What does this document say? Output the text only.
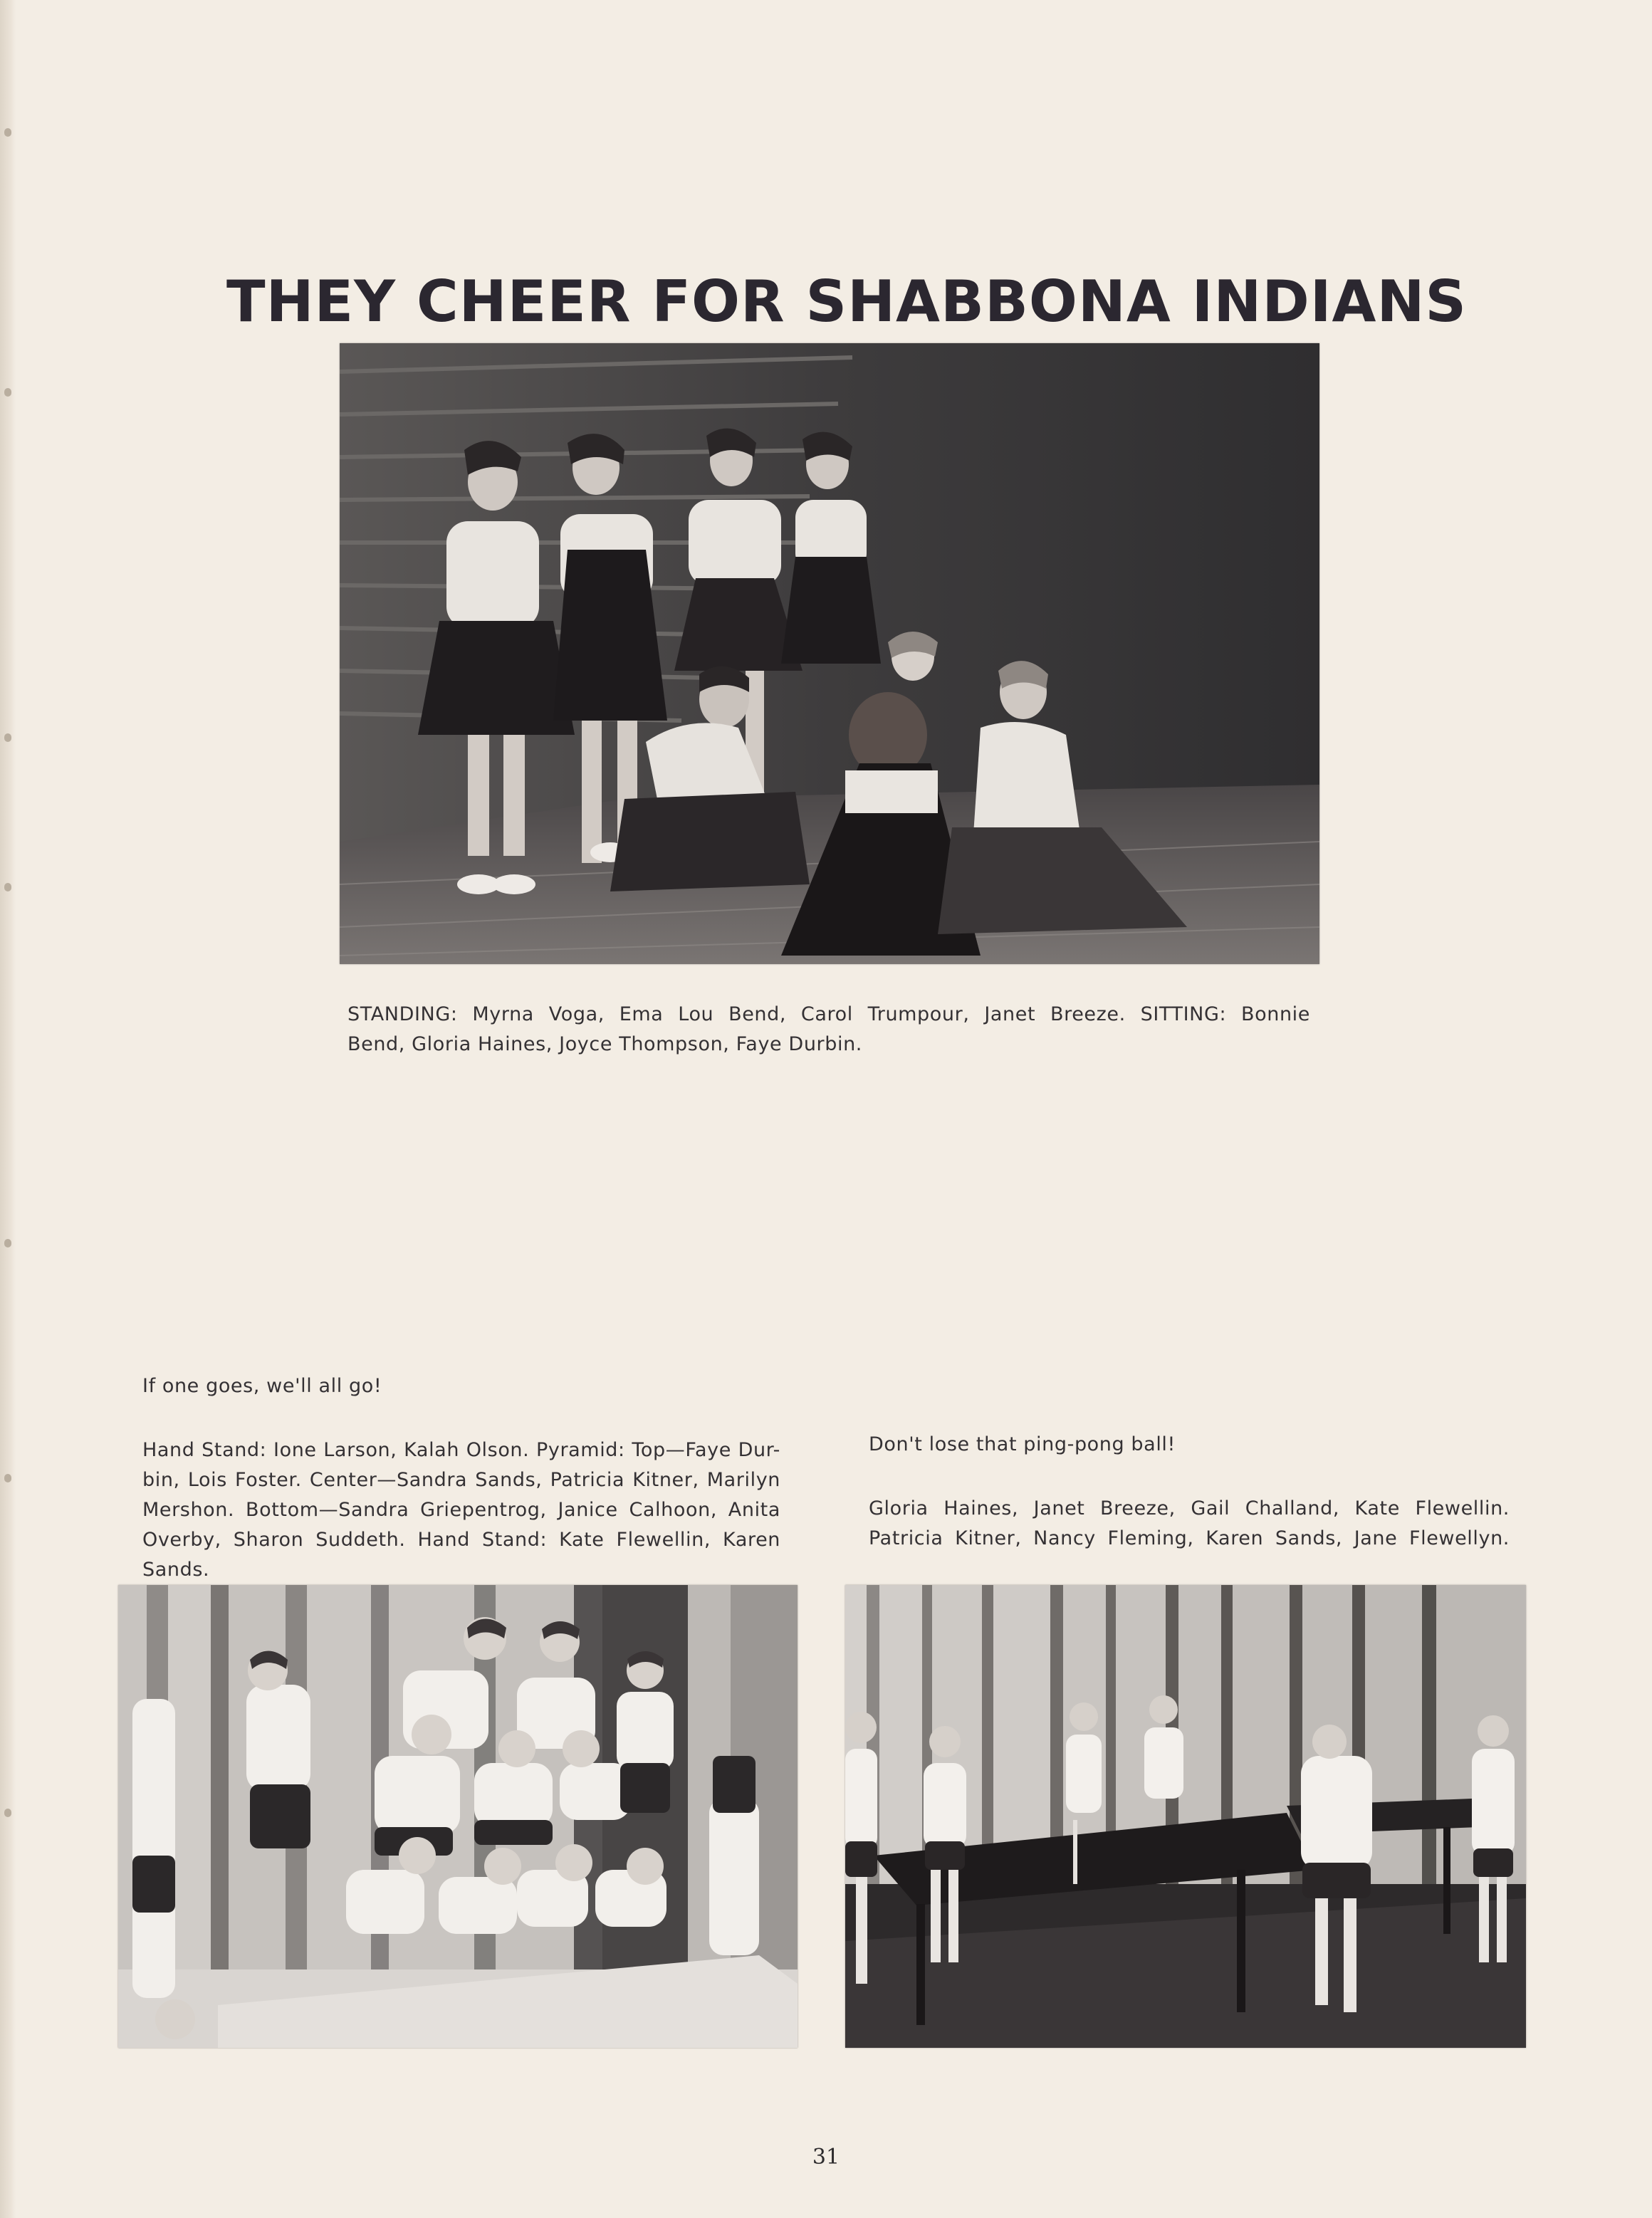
THEY CHEER FOR SHABBONA INDIANS
STANDING: Myrna Voga, Ema Lou Bend, Carol Trumpour, Janet Breeze. SITTING: Bonnie
Bend, Gloria Haines, Joyce Thompson, Faye Durbin.
If one goes, we'll all go!
Hand Stand: Ione Larson, Kalah Olson. Pyramid: Top—Faye Dur-
bin, Lois Foster. Center—Sandra Sands, Patricia Kitner, Marilyn
Mershon. Bottom—Sandra Griepentrog, Janice Calhoon, Anita
Overby, Sharon Suddeth. Hand Stand: Kate Flewellin, Karen Sands.
Don't lose that ping-pong ball!
Gloria Haines, Janet Breeze, Gail Challand, Kate Flewellin.
Patricia Kitner, Nancy Fleming, Karen Sands, Jane Flewellyn.
31
